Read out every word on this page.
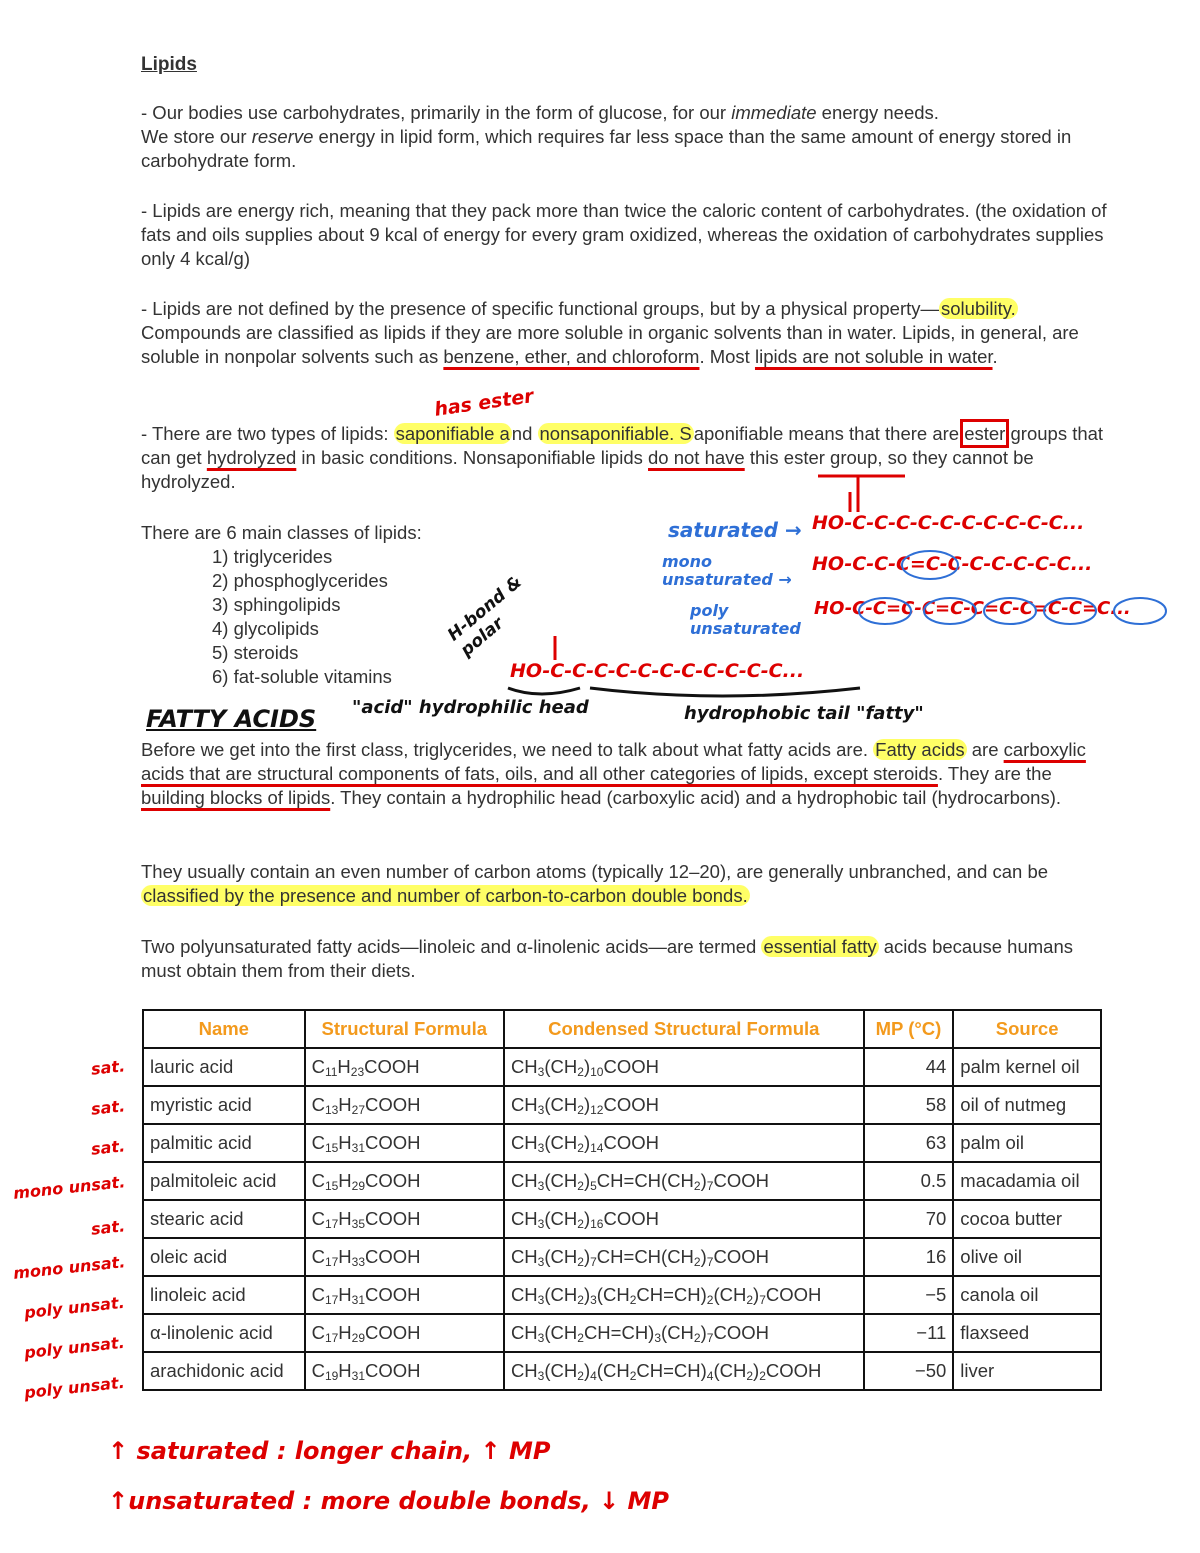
Lipids
- Our bodies use carbohydrates, primarily in the form of glucose, for our immediate energy needs.
We store our reserve energy in lipid form, which requires far less space than the same amount of energy stored in carbohydrate form.
- Lipids are energy rich, meaning that they pack more than twice the caloric content of carbohydrates. (the oxidation of fats and oils supplies about 9 kcal of energy for every gram oxidized, whereas the oxidation of carbohydrates supplies only 4 kcal/g)
- Lipids are not defined by the presence of specific functional groups, but by a physical property— solubility. Compounds are classified as lipids if they are more soluble in organic solvents than in water. Lipids, in general, are soluble in nonpolar solvents such as benzene, ether, and chloroform. Most lipids are not soluble in water.
- There are two types of lipids: saponifiable a nd nonsaponifiable. S aponifiable means that there are ester groups that can get hydrolyzed in basic conditions. Nonsaponifiable lipids do not have this ester group, so they cannot be hydrolyzed.
There are 6 main classes of lipids:
1) triglycerides
2) phosphoglycerides
3) sphingolipids
4) glycolipids
5) steroids
6) fat-soluble vitamins
Before we get into the first class, triglycerides, we need to talk about what fatty acids are. Fatty acids are carboxylic acids that are structural components of fats, oils, and all other categories of lipids, except steroids. They are the building blocks of lipids. They contain a hydrophilic head (carboxylic acid) and a hydrophobic tail (hydrocarbons).
They usually contain an even number of carbon atoms (typically 12–20), are generally unbranched, and can be classified by the presence and number of carbon-to-carbon double bonds.
Two polyunsaturated fatty acids—linoleic and α-linolenic acids—are termed essential fatty acids because humans must obtain them from their diets.
Name	Structural Formula	Condensed Structural Formula	MP (°C)	Source
lauric acid	$C_{11}H_{23}COOH$	$CH_3(CH_2)_{10}COOH$	44	palm kernel oil
myristic acid	$C_{13}H_{27}COOH$	$CH_3(CH_2)_{12}COOH$	58	oil of nutmeg
palmitic acid	$C_{15}H_{31}COOH$	$CH_3(CH_2)_{14}COOH$	63	palm oil
palmitoleic acid	$C_{15}H_{29}COOH$	$CH_3(CH_2)_5CH=CH(CH_2)_7COOH$	0.5	macadamia oil
stearic acid	$C_{17}H_{35}COOH$	$CH_3(CH_2)_{16}COOH$	70	cocoa butter
oleic acid	$C_{17}H_{33}COOH$	$CH_3(CH_2)_7CH=CH(CH_2)_7COOH$	16	olive oil
linoleic acid	$C_{17}H_{31}COOH$	$CH_3(CH_2)_3(CH_2CH=CH)_2(CH_2)_7COOH$	−5	canola oil
α-linolenic acid	$C_{17}H_{29}COOH$	$CH_3(CH_2CH=CH)_3(CH_2)_7COOH$	−11	flaxseed
arachidonic acid	$C_{19}H_{31}COOH$	$CH_3(CH_2)_4(CH_2CH=CH)_4(CH_2)_2COOH$	−50	liver
has ester
saturated →
mono unsaturated →
poly unsaturated
HO-C-C-C-C-C-C-C-C-C-C...
HO-C-C-C=C-C-C-C-C-C-C...
HO-C-C=C-C=C-C=C-C=C-C=C...
H-bond & polar
HO-C-C-C-C-C-C-C-C-C-C-C...
FATTY ACIDS "acid" hydrophilic head	hydrophobic tail "fatty"
sat.
sat.
sat.
mono unsat.
sat.
mono unsat.
poly unsat.
poly unsat.
poly unsat.
↑ saturated : longer chain, ↑ MP
↑unsaturated : more double bonds, ↓ MP
